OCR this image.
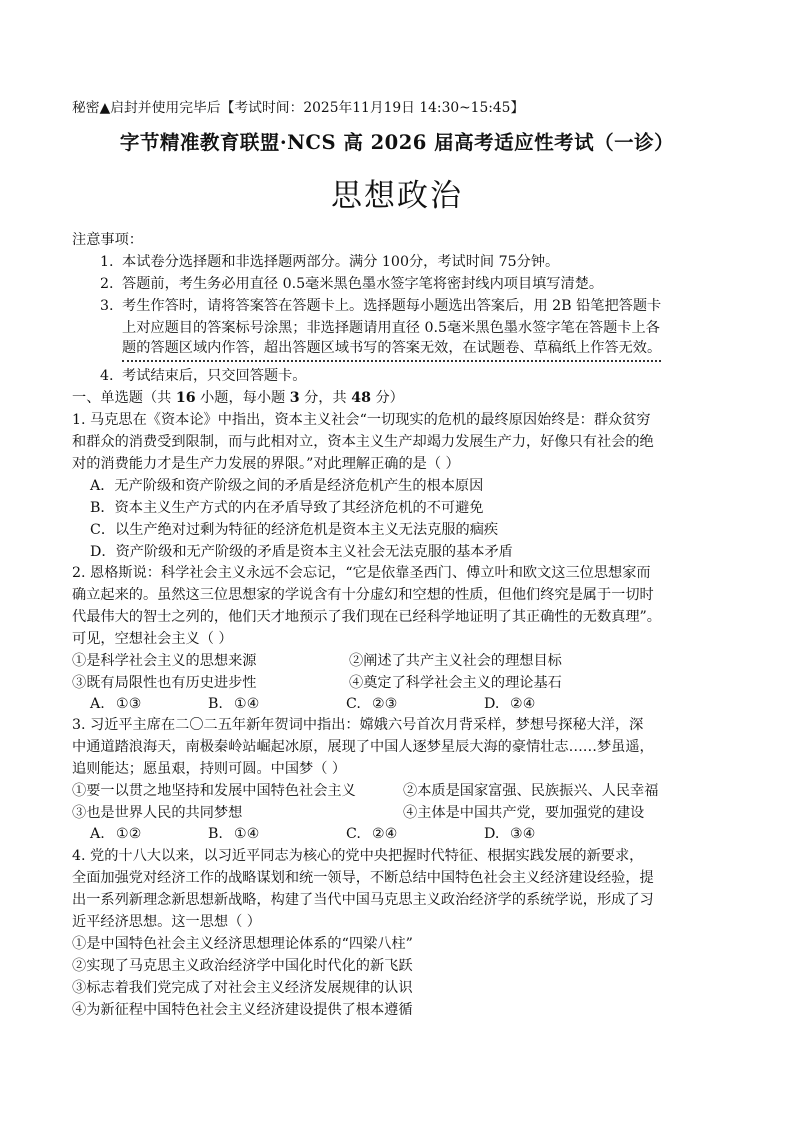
秘密▲启封并使用完毕后【考试时间：2025年11月19日 14:30~15:45】
字节精准教育联盟·NCS 高 2026 届高考适应性考试（一诊）
思想政治
注意事项：
1. 本试卷分选择题和非选择题两部分。满分 100分，考试时间 75分钟。
2. 答题前，考生务必用直径 0.5毫米黑色墨水签字笔将密封线内项目填写清楚。
3. 考生作答时，请将答案答在答题卡上。选择题每小题选出答案后，用 2B 铅笔把答题卡
上对应题目的答案标号涂黑；非选择题请用直径 0.5毫米黑色墨水签字笔在答题卡上各
题的答题区域内作答，超出答题区域书写的答案无效，在试题卷、草稿纸上作答无效。
4. 考试结束后，只交回答题卡。
一、单选题（共 16 小题，每小题 3 分，共 48 分）
1. 马克思在《资本论》中指出，资本主义社会“一切现实的危机的最终原因始终是：群众贫穷
和群众的消费受到限制，而与此相对立，资本主义生产却竭力发展生产力，好像只有社会的绝
对的消费能力才是生产力发展的界限。”对此理解正确的是（ ）
A．无产阶级和资产阶级之间的矛盾是经济危机产生的根本原因
B．资本主义生产方式的内在矛盾导致了其经济危机的不可避免
C．以生产绝对过剩为特征的经济危机是资本主义无法克服的痼疾
D．资产阶级和无产阶级的矛盾是资本主义社会无法克服的基本矛盾
2. 恩格斯说：科学社会主义永远不会忘记，“它是依靠圣西门、傅立叶和欧文这三位思想家而
确立起来的。虽然这三位思想家的学说含有十分虚幻和空想的性质，但他们终究是属于一切时
代最伟大的智士之列的，他们天才地预示了我们现在已经科学地证明了其正确性的无数真理”。
可见，空想社会主义（ ）
①是科学社会主义的思想来源	②阐述了共产主义社会的理想目标
③既有局限性也有历史进步性	④奠定了科学社会主义的理论基石
A. ①③	B. ①④	C. ②③	D. ②④
3. 习近平主席在二〇二五年新年贺词中指出：嫦娥六号首次月背采样，梦想号探秘大洋，深
中通道踏浪海天，南极秦岭站崛起冰原，展现了中国人逐梦星辰大海的豪情壮志……梦虽遥，
追则能达；愿虽艰，持则可圆。中国梦（ ）
①要一以贯之地坚持和发展中国特色社会主义	②本质是国家富强、民族振兴、人民幸福
③也是世界人民的共同梦想	④主体是中国共产党，要加强党的建设
A. ①②	B. ①④	C. ②④	D. ③④
4. 党的十八大以来，以习近平同志为核心的党中央把握时代特征、根据实践发展的新要求，
全面加强党对经济工作的战略谋划和统一领导，不断总结中国特色社会主义经济建设经验，提
出一系列新理念新思想新战略，构建了当代中国马克思主义政治经济学的系统学说，形成了习
近平经济思想。这一思想（ ）
①是中国特色社会主义经济思想理论体系的“四梁八柱”
②实现了马克思主义政治经济学中国化时代化的新飞跃
③标志着我们党完成了对社会主义经济发展规律的认识
④为新征程中国特色社会主义经济建设提供了根本遵循
